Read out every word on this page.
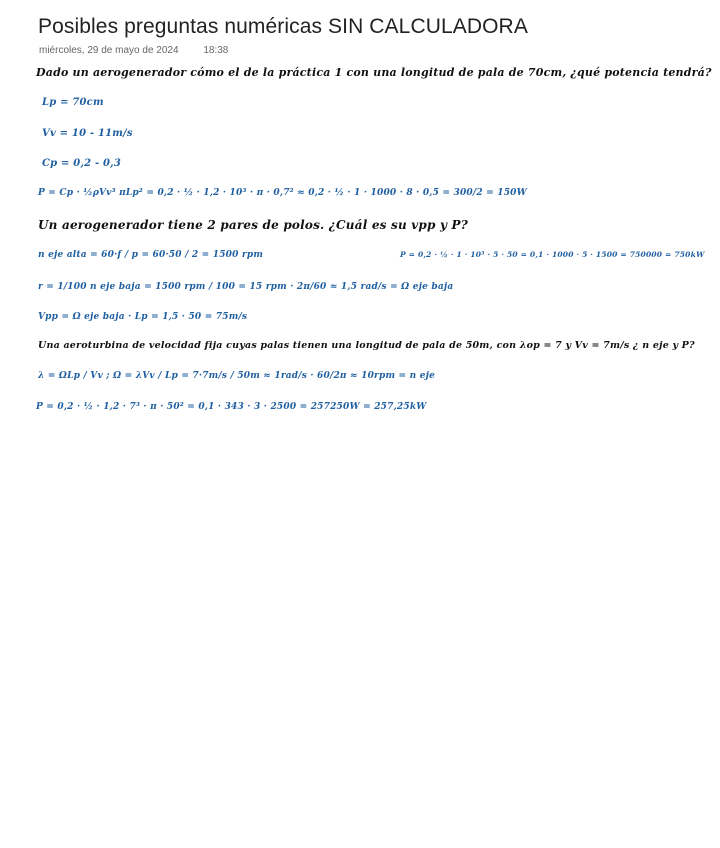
Posibles preguntas numéricas SIN CALCULADORA
miércoles, 29 de mayo de 2024 18:38
Dado un aerogenerador cómo el de la práctica 1 con una longitud de pala de 70cm, ¿qué potencia tendrá?
Lp = 70cm
Vv = 10 - 11m/s
Cp = 0,2 - 0,3
P = Cp · ½ρVv³ πLp² = 0,2 · ½ · 1,2 · 10³ · π · 0,7² ≈ 0,2 · ½ · 1 · 1000 · 8 · 0,5 = 300/2 = 150W
Un aerogenerador tiene 2 pares de polos. ¿Cuál es su vpp y P?
n eje alta = 60·f / p = 60·50 / 2 = 1500 rpm	P = 0,2 · ½ · 1 · 10³ · 5 · 50 = 0,1 · 1000 · 5 · 1500 = 750000 = 750kW
r = 1/100 n eje baja = 1500 rpm / 100 = 15 rpm · 2π/60 ≈ 1,5 rad/s = Ω eje baja
Vpp = Ω eje baja · Lp = 1,5 · 50 = 75m/s
Una aeroturbina de velocidad fija cuyas palas tienen una longitud de pala de 50m, con λop = 7 y Vv = 7m/s ¿ n eje y P?
λ = ΩLp / Vv ; Ω = λVv / Lp = 7·7m/s / 50m ≈ 1rad/s · 60/2π ≈ 10rpm = n eje
P = 0,2 · ½ · 1,2 · 7³ · π · 50² = 0,1 · 343 · 3 · 2500 = 257250W = 257,25kW
